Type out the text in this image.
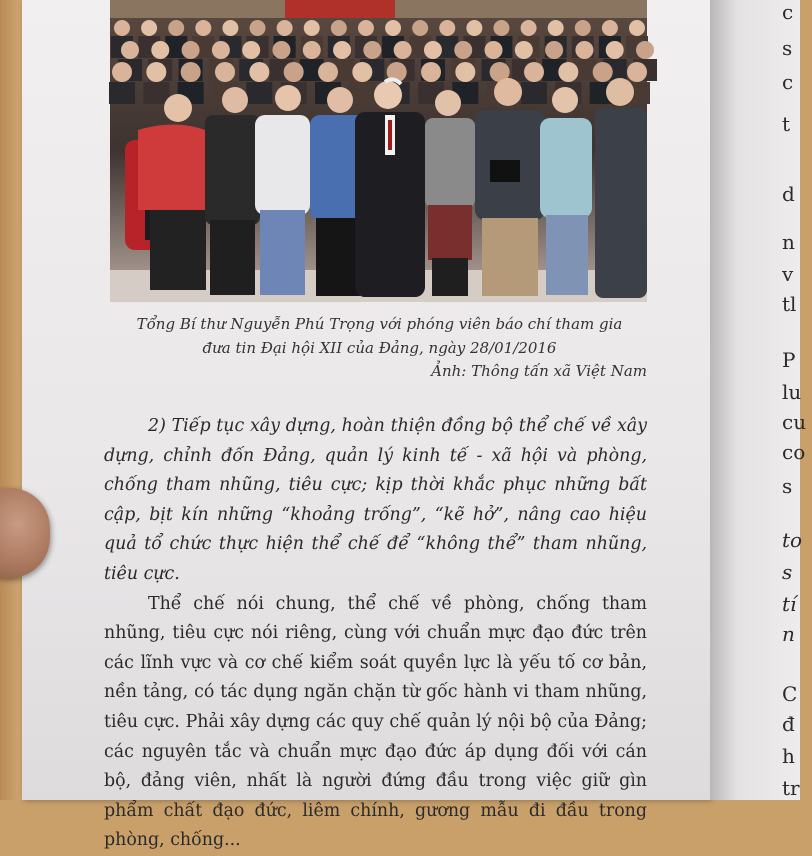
Tổng Bí thư Nguyễn Phú Trọng với phóng viên báo chí tham gia
đưa tin Đại hội XII của Đảng, ngày 28/01/2016
Ảnh: Thông tấn xã Việt Nam

2) Tiếp tục xây dựng, hoàn thiện đồng bộ thể chế về xây dựng, chỉnh đốn Đảng, quản lý kinh tế - xã hội và phòng, chống tham nhũng, tiêu cực; kịp thời khắc phục những bất cập, bịt kín những “khoảng trống”, “kẽ hở”, nâng cao hiệu quả tổ chức thực hiện thể chế để “không thể” tham nhũng, tiêu cực.

Thể chế nói chung, thể chế về phòng, chống tham nhũng, tiêu cực nói riêng, cùng với chuẩn mực đạo đức trên các lĩnh vực và cơ chế kiểm soát quyền lực là yếu tố cơ bản, nền tảng, có tác dụng ngăn chặn từ gốc hành vi tham nhũng, tiêu cực. Phải xây dựng các quy chế quản lý nội bộ của Đảng; các nguyên tắc và chuẩn mực đạo đức áp dụng đối với cán bộ, đảng viên, nhất là người đứng đầu trong việc giữ gìn phẩm chất đạo đức, liêm chính, gương mẫu đi đầu trong phòng, chống...

c
s
c
t
d
n
v
tl
P
lu
cu
co
s
to
s
tí
n
C
đ
h
tr
